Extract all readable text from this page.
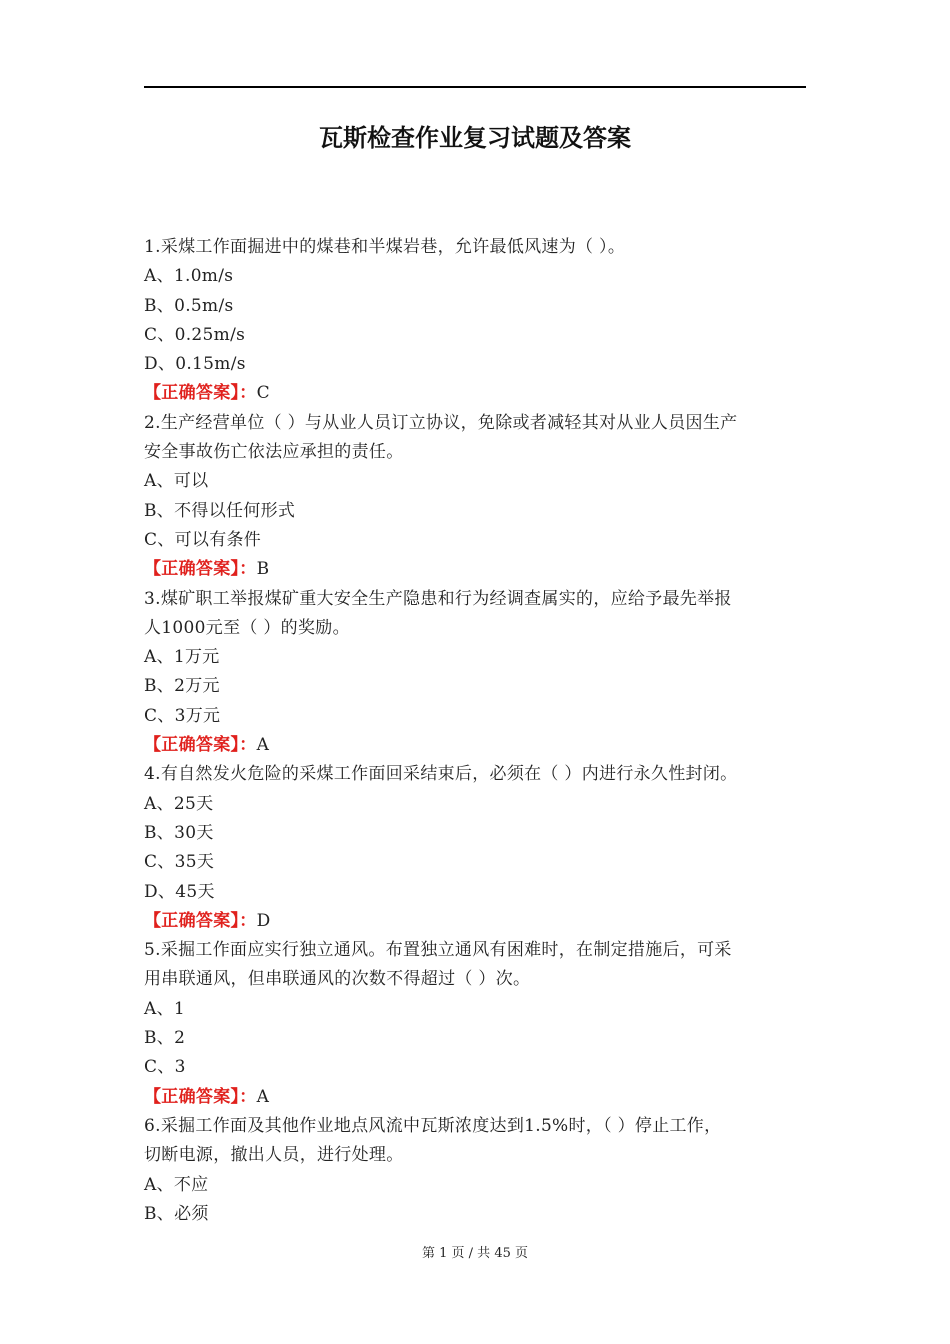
瓦斯检查作业复习试题及答案
1.采煤工作面掘进中的煤巷和半煤岩巷，允许最低风速为（ ）。
A、1.0m/s
B、0.5m/s
C、0.25m/s
D、0.15m/s
【正确答案】：C
2.生产经营单位（ ）与从业人员订立协议，免除或者减轻其对从业人员因生产
安全事故伤亡依法应承担的责任。
A、可以
B、不得以任何形式
C、可以有条件
【正确答案】：B
3.煤矿职工举报煤矿重大安全生产隐患和行为经调查属实的，应给予最先举报
人1000元至（ ）的奖励。
A、1万元
B、2万元
C、3万元
【正确答案】：A
4.有自然发火危险的采煤工作面回采结束后，必须在（ ）内进行永久性封闭。
A、25天
B、30天
C、35天
D、45天
【正确答案】：D
5.采掘工作面应实行独立通风。布置独立通风有困难时，在制定措施后，可采
用串联通风，但串联通风的次数不得超过（ ）次。
A、1
B、2
C、3
【正确答案】：A
6.采掘工作面及其他作业地点风流中瓦斯浓度达到1.5%时，（ ）停止工作，
切断电源，撤出人员，进行处理。
A、不应
B、必须
第 1 页 / 共 45 页
